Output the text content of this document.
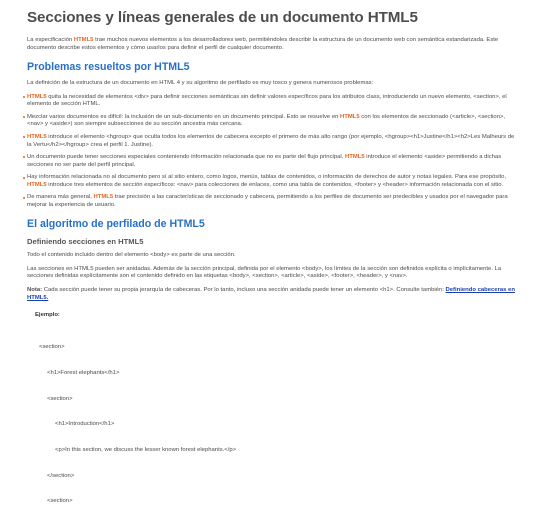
Secciones y líneas generales de un documento HTML5

La especificación HTML5 trae muchos nuevos elementos a los desarrolladores web, permitiéndoles describir la estructura de un documento web con semántica estandarizada. Este documento describe estos elementos y cómo usarlos para definir el perfil de cualquier documento.

Problemas resueltos por HTML5

La definición de la estructura de un documento en HTML 4 y su algoritmo de perfilado es muy tosco y genera numerosos problemas:

HTML5 quita la necesidad de elementos <div> para definir secciones semánticas sin definir valores específicos para los atributos class, introduciendo un nuevo elemento, <section>, el elemento de sección HTML.
Mezclar varios documentos es difícil: la inclusión de un sub-documento en un documento principal. Esto se resuelve en HTML5 con los elementos de seccionado (<article>, <section>, <nav> y <aside>) son siempre subsecciones de su sección ancestra más cercana.
HTML5 introduce el elemento <hgroup> que oculta todos los elementos de cabecera excepto el primero de más alto rango (por ejemplo, <hgroup><h1>Justine</h1><h2>Les Malheurs de la Vertu</h2></hgroup> crea el perfil 1. Justine).
Un documento puede tener secciones especiales conteniendo información relacionada que no es parte del flujo principal. HTML5 introduce el elemento <aside> permitiendo a dichas secciones no ser parte del perfil principal.
Hay información relacionada no al documento pero sí al sitio entero, como logos, menús, tablas de contenidos, o información de derechos de autor y notas legales. Para ese propósito, HTML5 introduce tres elementos de sección específicos: <nav> para colecciones de enlaces, como una tabla de contenidos, <footer> y <header> información relacionada con el sitio.
De manera más general, HTML5 trae precisión a las características de seccionado y cabecera, permitiendo a los perfiles de documento ser predecibles y usados por el navegador para mejorar la experiencia de usuario.
El algoritmo de perfilado de HTML5
Definiendo secciones en HTML5

Todo el contenido incluido dentro del elemento <body> es parte de una sección.

Las secciones en HTML5 pueden ser anidadas. Además de la sección principal, definida por el elemento <body>, los límites de la sección son definidos explícita o implícitamente. La secciones definidas explícitamente son el contenido definido en las etiquetas <body>, <section>, <article>, <aside>, <footer>, <header>, y <nav>.

Nota: Cada sección puede tener su propia jerarquía de cabeceras. Por lo tanto, incluso una sección anidada puede tener un elemento <h1>. Consulte también: Definiendo cabeceras en HTML5.

Ejemplo:

<section>

<h1>Forest elephants</h1>

<section>

<h1>Introduction</h1>

<p>In this section, we discuss the lesser known forest elephants.</p>

</section>

<section>
